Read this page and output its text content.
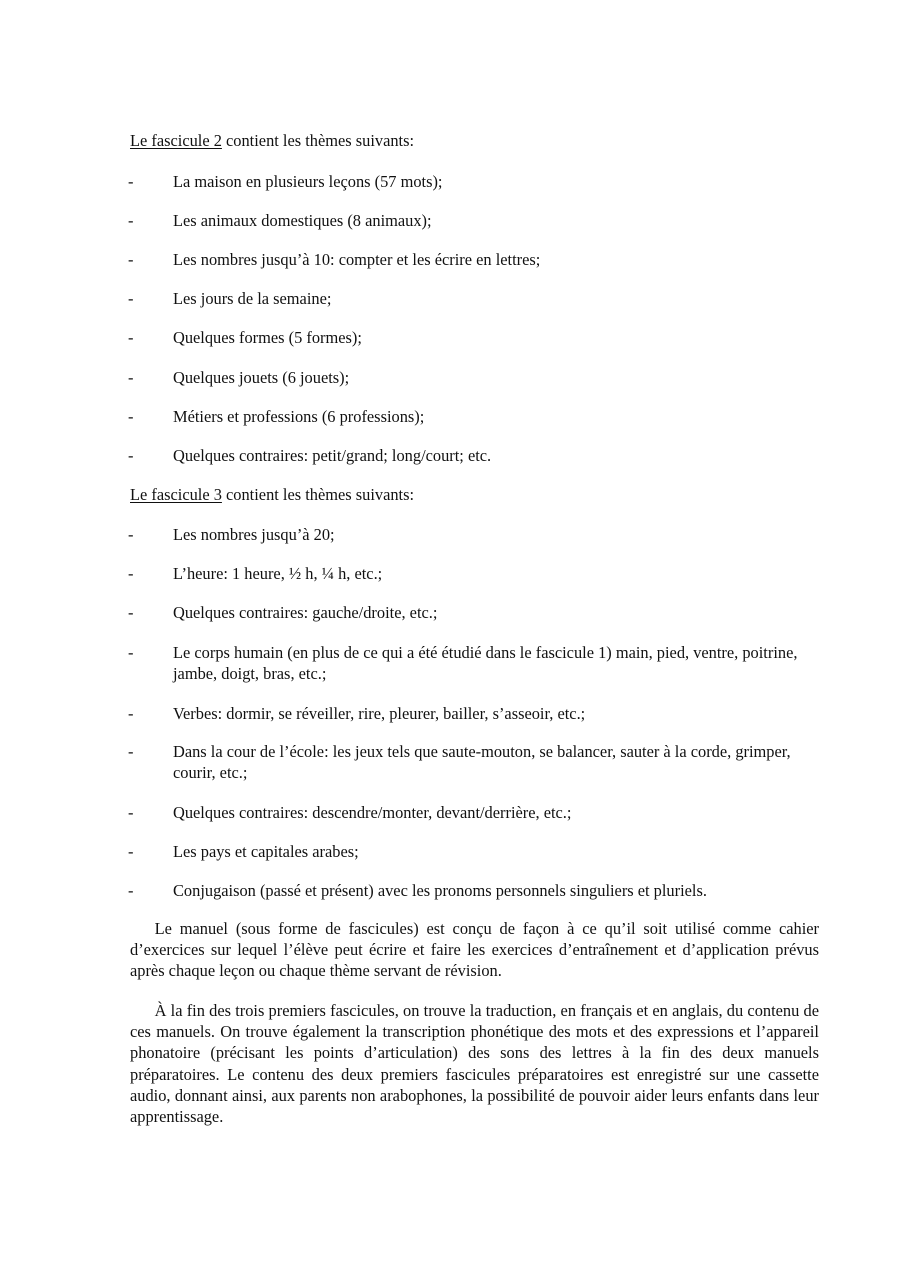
Le fascicule 2 contient les thèmes suivants:
- La maison en plusieurs leçons (57 mots);
- Les animaux domestiques (8 animaux);
- Les nombres jusqu’à 10: compter et les écrire en lettres;
- Les jours de la semaine;
- Quelques formes (5 formes);
- Quelques jouets (6 jouets);
- Métiers et professions (6 professions);
- Quelques contraires: petit/grand; long/court; etc.
Le fascicule 3 contient les thèmes suivants:
- Les nombres jusqu’à 20;
- L’heure: 1 heure, ½ h, ¼ h, etc.;
- Quelques contraires: gauche/droite, etc.;
- Le corps humain (en plus de ce qui a été étudié dans le fascicule 1) main, pied, ventre, poitrine, jambe, doigt, bras, etc.;
- Verbes: dormir, se réveiller, rire, pleurer, bailler, s’asseoir, etc.;
- Dans la cour de l’école: les jeux tels que saute-mouton, se balancer, sauter à la corde, grimper, courir, etc.;
- Quelques contraires: descendre/monter, devant/derrière, etc.;
- Les pays et capitales arabes;
- Conjugaison (passé et présent) avec les pronoms personnels singuliers et pluriels.

  Le manuel (sous forme de fascicules) est conçu de façon à ce qu’il soit utilisé comme cahier d’exercices sur lequel l’élève peut écrire et faire les exercices d’entraînement et d’application prévus après chaque leçon ou chaque thème servant de révision.

  À la fin des trois premiers fascicules, on trouve la traduction, en français et en anglais, du contenu de ces manuels. On trouve également la transcription phonétique des mots et des expressions et l’appareil phonatoire (précisant les points d’articulation) des sons des lettres à la fin des deux manuels préparatoires. Le contenu des deux premiers fascicules préparatoires est enregistré sur une cassette audio, donnant ainsi, aux parents non arabophones, la possibilité de pouvoir aider leurs enfants dans leur apprentissage.
